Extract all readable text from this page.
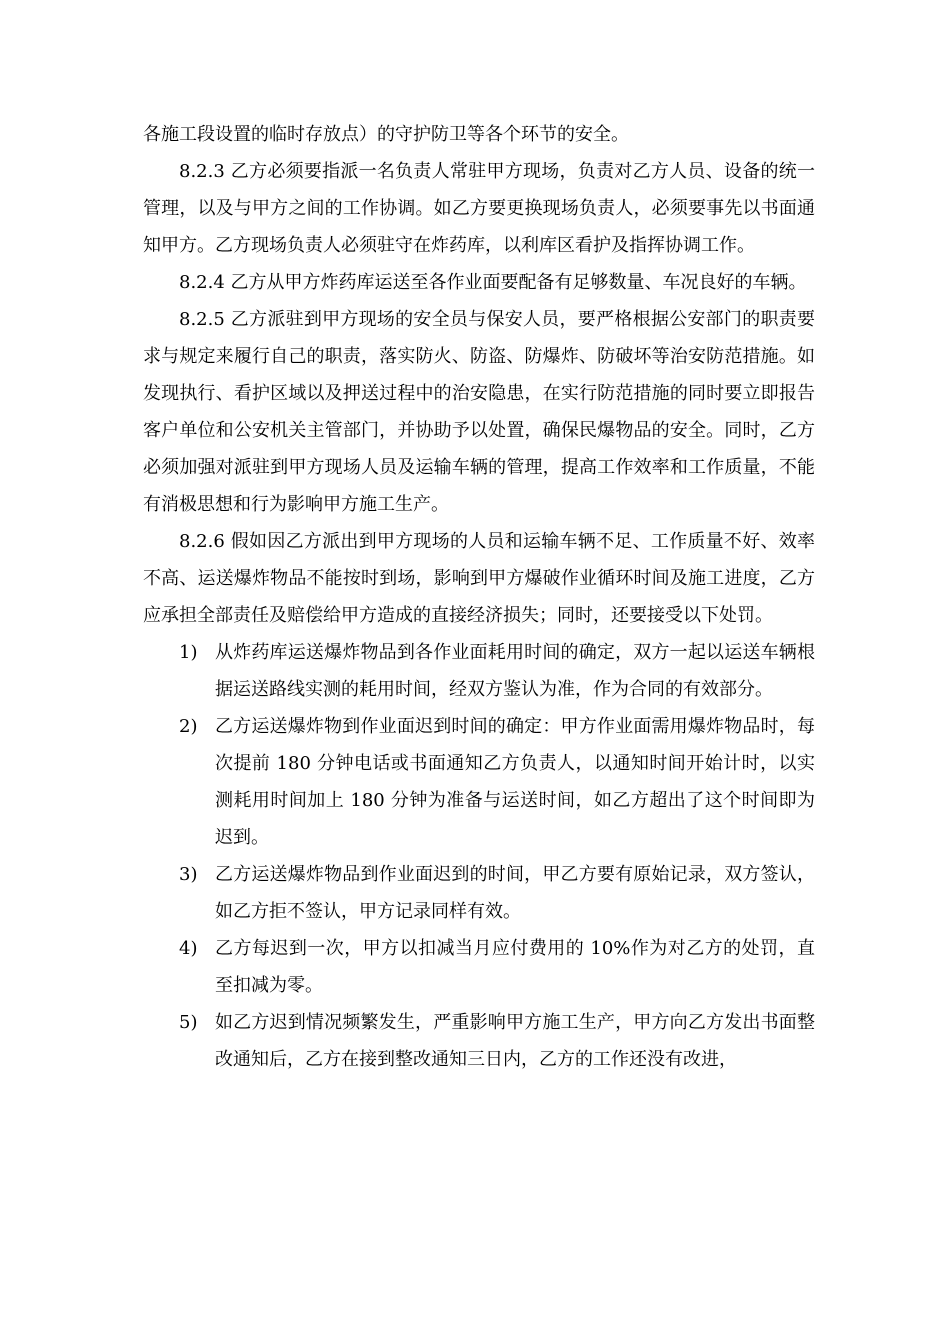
各施工段设置的临时存放点）的守护防卫等各个环节的安全。

8.2.3 乙方必须要指派一名负责人常驻甲方现场，负责对乙方人员、设备的统一管理，以及与甲方之间的工作协调。如乙方要更换现场负责人，必须要事先以书面通知甲方。乙方现场负责人必须驻守在炸药库，以利库区看护及指挥协调工作。

8.2.4 乙方从甲方炸药库运送至各作业面要配备有足够数量、车况良好的车辆。

8.2.5 乙方派驻到甲方现场的安全员与保安人员，要严格根据公安部门的职责要求与规定来履行自己的职责，落实防火、防盗、防爆炸、防破坏等治安防范措施。如发现执行、看护区域以及押送过程中的治安隐患，在实行防范措施的同时要立即报告客户单位和公安机关主管部门，并协助予以处置，确保民爆物品的安全。同时，乙方必须加强对派驻到甲方现场人员及运输车辆的管理，提高工作效率和工作质量，不能有消极思想和行为影响甲方施工生产。

8.2.6 假如因乙方派出到甲方现场的人员和运输车辆不足、工作质量不好、效率不高、运送爆炸物品不能按时到场，影响到甲方爆破作业循环时间及施工进度，乙方应承担全部责任及赔偿给甲方造成的直接经济损失；同时，还要接受以下处罚。

1) 从炸药库运送爆炸物品到各作业面耗用时间的确定，双方一起以运送车辆根据运送路线实测的耗用时间，经双方鉴认为准，作为合同的有效部分。
2) 乙方运送爆炸物到作业面迟到时间的确定：甲方作业面需用爆炸物品时，每次提前 180 分钟电话或书面通知乙方负责人，以通知时间开始计时，以实测耗用时间加上 180 分钟为准备与运送时间，如乙方超出了这个时间即为迟到。
3) 乙方运送爆炸物品到作业面迟到的时间，甲乙方要有原始记录，双方签认，如乙方拒不签认，甲方记录同样有效。
4) 乙方每迟到一次，甲方以扣减当月应付费用的 10%作为对乙方的处罚，直至扣减为零。
5) 如乙方迟到情况频繁发生，严重影响甲方施工生产，甲方向乙方发出书面整改通知后，乙方在接到整改通知三日内，乙方的工作还没有改进，
